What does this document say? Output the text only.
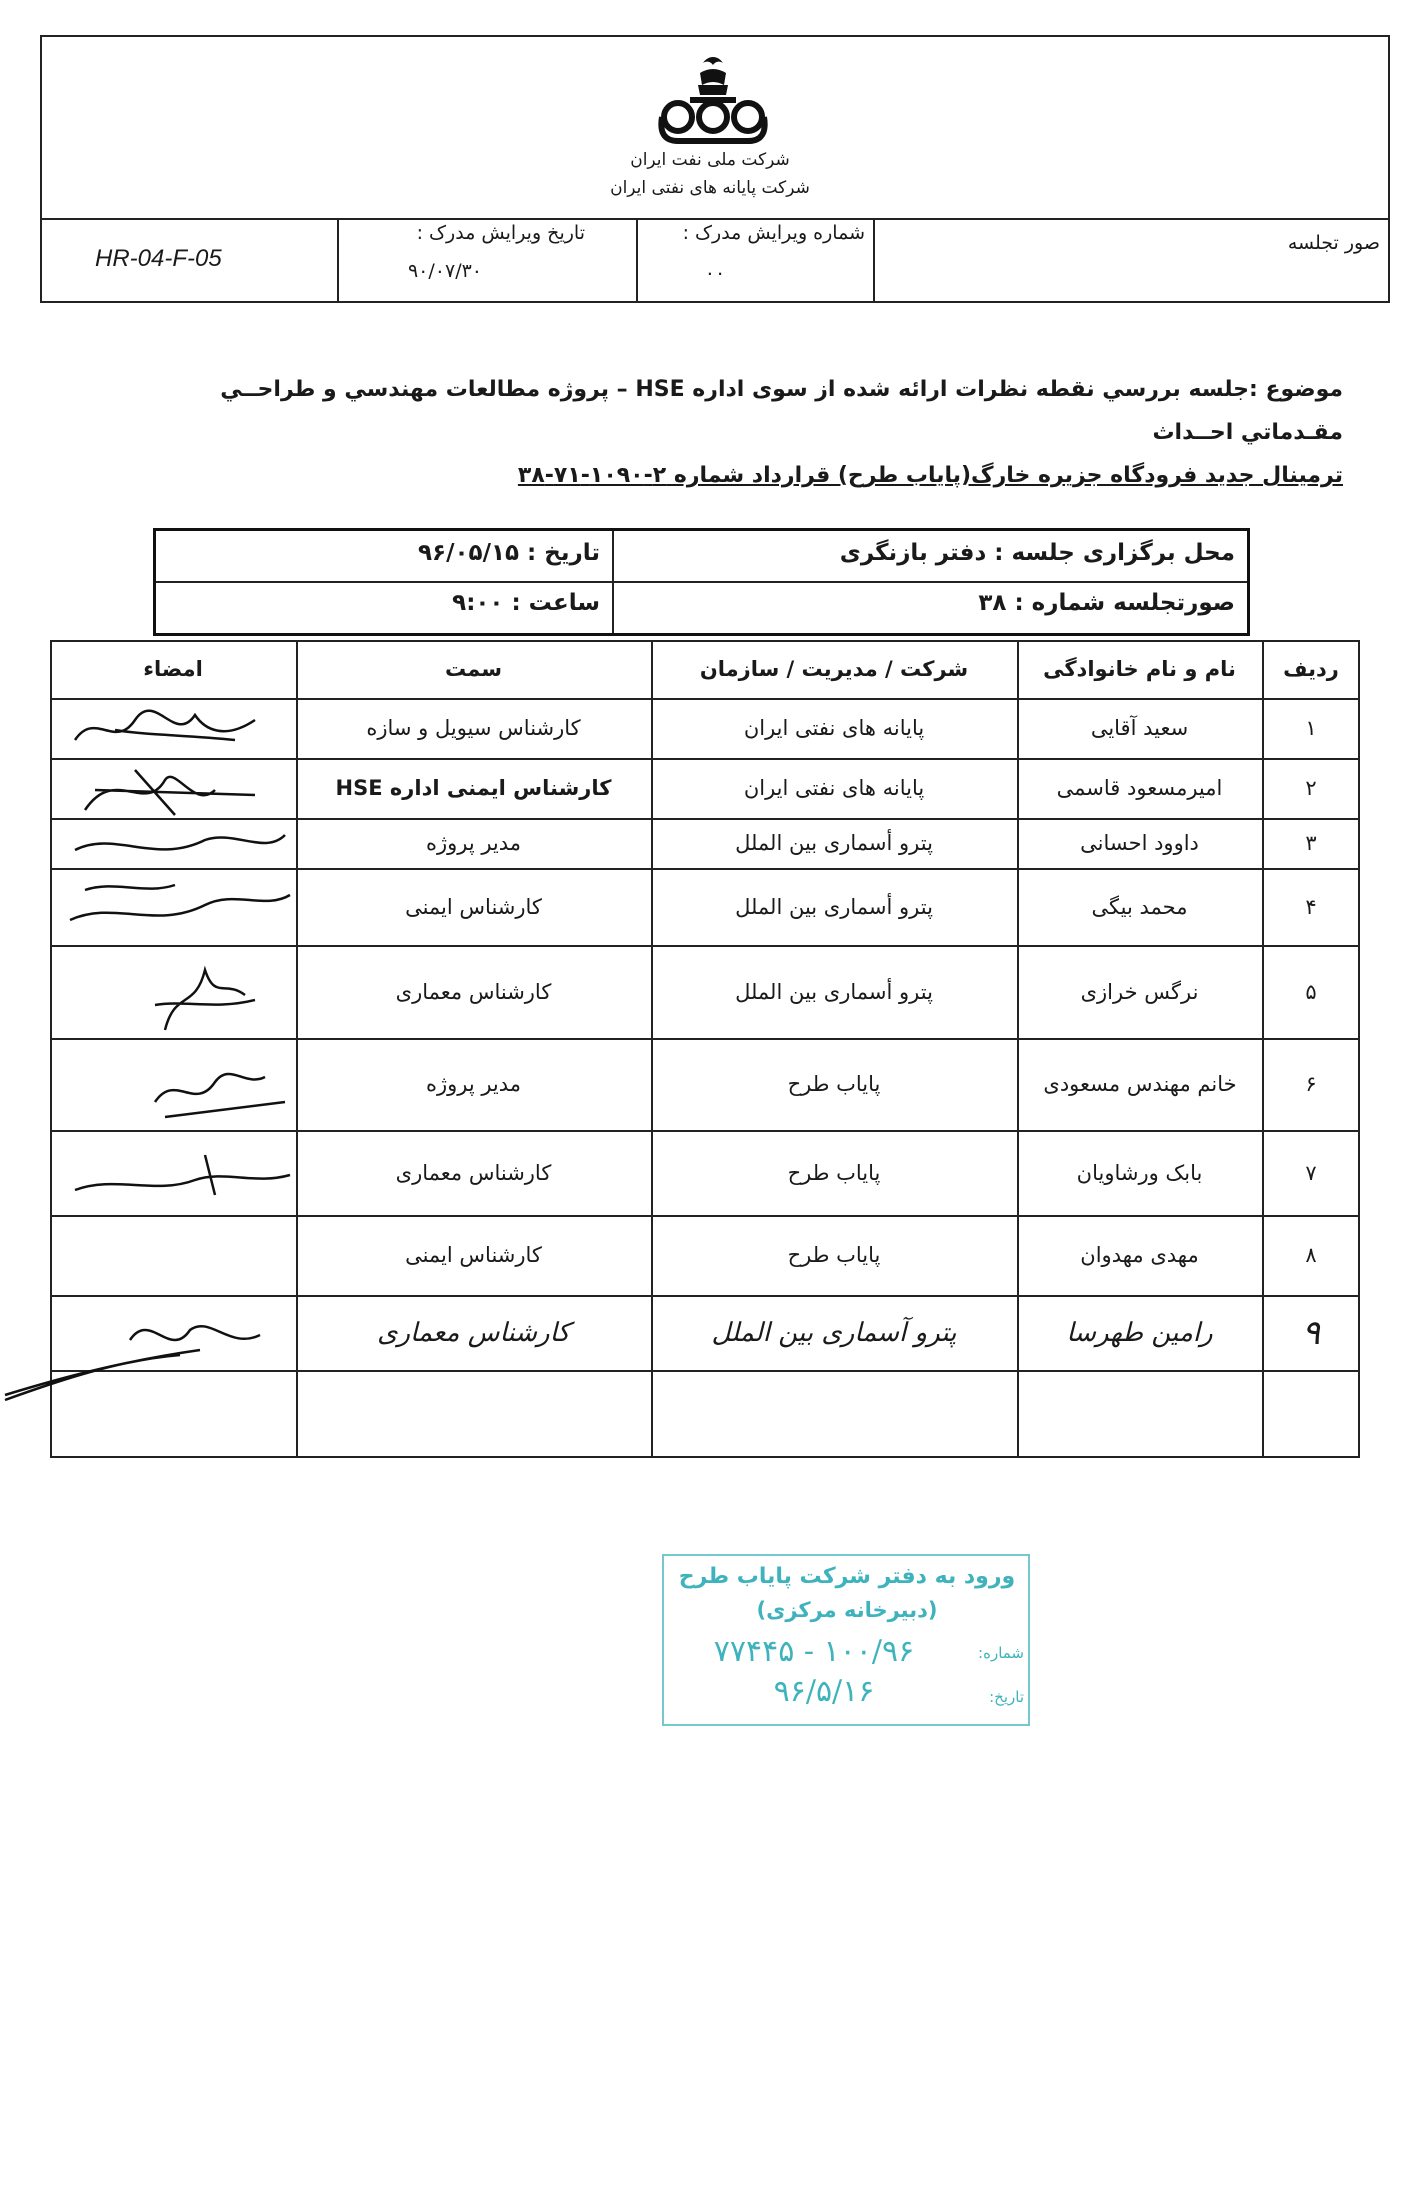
شرکت ملی نفت ایران
شرکت پایانه های نفتی ایران
صور تجلسه
شماره ویرایش مدرک :
۰۰
تاریخ ویرایش مدرک :
۹۰/۰۷/۳۰
HR-04-F-05
موضوع :جلسه بررسي نقطه نظرات ارائه شده از سوی اداره HSE – پروژه مطالعات مهندسي و طراحــي مقـدماتي احــداث
ترمينال جديد فرودگاه جزيره خارگ(پاياب طرح) قرارداد شماره ۲-۱۰۹۰-۷۱-۳۸
محل برگزاری جلسه : دفتر بازنگری
تاریخ : ۹۶/۰۵/۱۵
صورتجلسه شماره : ۳۸
ساعت : ۹:۰۰
ردیف
نام و نام خانوادگی
شرکت / مدیریت / سازمان
سمت
امضاء
۱
سعید آقایی
پایانه های نفتی ایران
کارشناس سیویل و سازه
۲
امیرمسعود قاسمی
پایانه های نفتی ایران
کارشناس ایمنی اداره HSE
۳
داوود احسانی
پترو أسماری بین الملل
مدیر پروژه
۴
محمد بیگی
پترو أسماری بین الملل
کارشناس ایمنی
۵
نرگس خرازی
پترو أسماری بین الملل
کارشناس معماری
۶
خانم مهندس مسعودی
پایاب طرح
مدیر پروژه
۷
بابک ورشاویان
پایاب طرح
کارشناس معماری
۸
مهدی مهدوان
پایاب طرح
کارشناس ایمنی
۹
رامین طهرسا
پترو آسماری بین الملل
کارشناس معماری
ورود به دفتر شرکت پایاب طرح
(دبیرخانه مرکزی)
شماره:
۱۰۰/۹۶ - ۷۷۴۴۵
تاریخ:
۹۶/۵/۱۶
